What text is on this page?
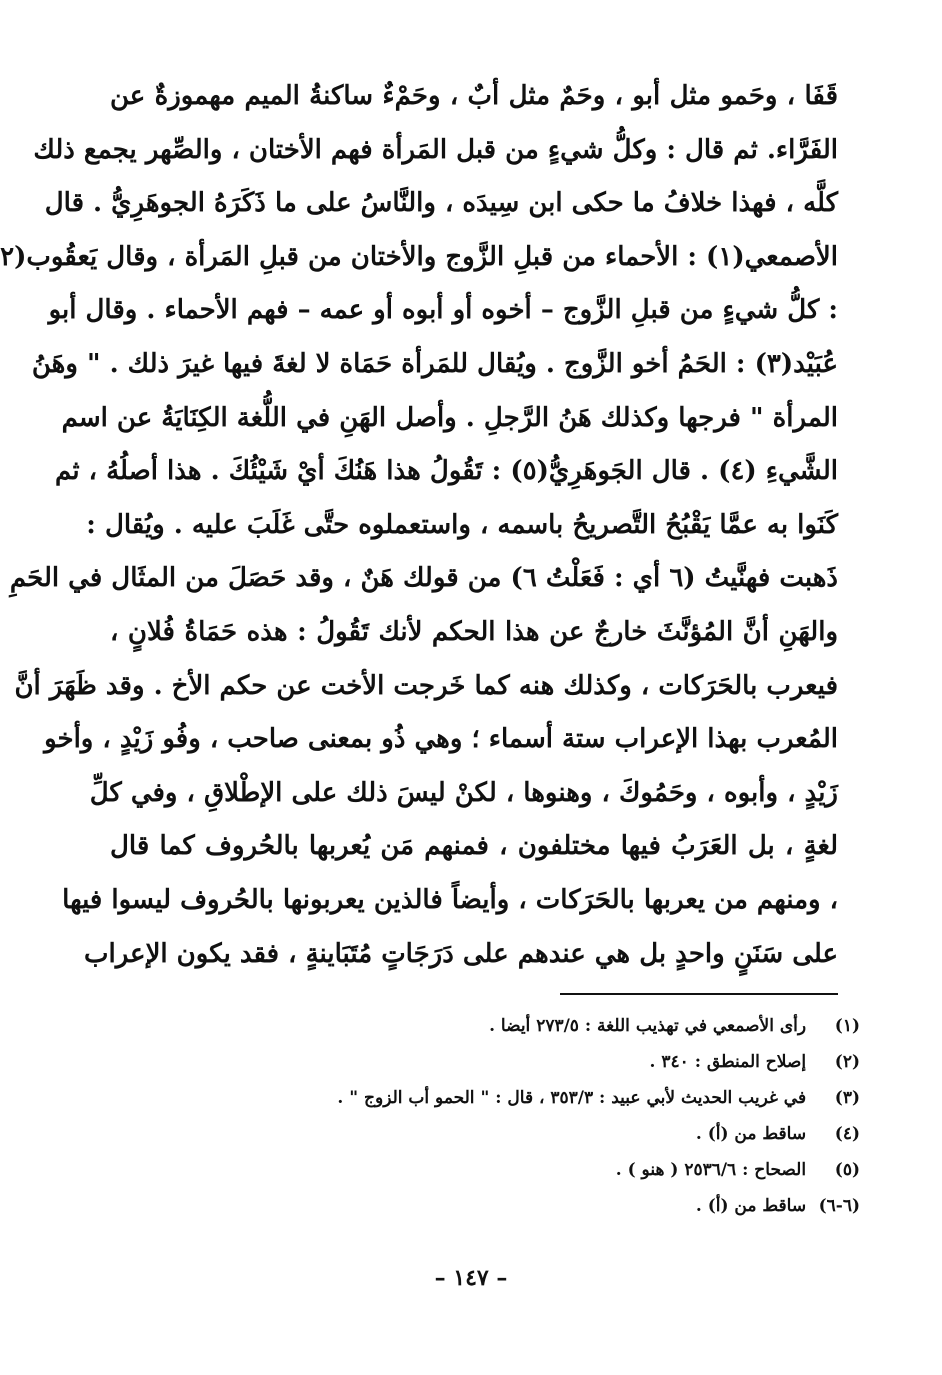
قَفَا ، وحَمو مثل أبو ، وحَمٌ مثل أبٌ ، وحَمْءٌ ساكنةُ الميم مهموزةٌ عن
الفَرَّاء. ثم قال : وكلُّ شيءٍ من قبل المَرأة فهم الأختان ، والصِّهر يجمع ذلك
كلَّه ، فهذا خلافُ ما حكى ابن سِيدَه ، والنَّاسُ على ما ذَكَرَهُ الجوهَرِيُّ . قال
الأصمعي(١) : الأحماء من قبلِ الزَّوج والأختان من قبلِ المَرأة ، وقال يَعقُوب(٢
: كلُّ شيءٍ من قبلِ الزَّوج – أخوه أو أبوه أو عمه – فهم الأحماء . وقال أبو
عُبَيْد(٣) : الحَمُ أخو الزَّوج . ويُقال للمَرأة حَمَاة لا لغةَ فيها غيرَ ذلك . " وهَنُ
المرأة " فرجها وكذلك هَنُ الرَّجلِ . وأصل الهَنِ في اللُّغة الكِنَايَةُ عن اسم
الشَّيءِ (٤) . قال الجَوهَرِيُّ(٥) : تَقُولُ هذا هَنُكَ أيْ شَيْئُكَ . هذا أصلُهُ ، ثم
كَنَوا به عمَّا يَقْبُحُ التَّصريحُ باسمه ، واستعملوه حتَّى غَلَبَ عليه . ويُقال :
ذَهبت فهنَّيتُ (٦ أي : فَعَلْتُ ٦) من قولك هَنٌ ، وقد حَصَلَ من المثَال في الحَمِ
والهَنِ أنَّ المُؤنَّثَ خارجٌ عن هذا الحكم لأنك تَقُولُ : هذه حَمَاةُ فُلانٍ ،
فيعرب بالحَرَكات ، وكذلك هنه كما خَرجت الأخت عن حكم الأخ . وقد ظَهَرَ أنَّ
المُعرب بهذا الإعراب ستة أسماء ؛ وهي ذُو بمعنى صاحب ، وفُو زَيْدٍ ، وأخو
زَيْدٍ ، وأبوه ، وحَمُوكَ ، وهنوها ، لكنْ ليسَ ذلك على الإطْلاقِ ، وفي كلِّ
لغةٍ ، بل العَرَبُ فيها مختلفون ، فمنهم مَن يُعربها بالحُروف كما قال
، ومنهم من يعربها بالحَرَكات ، وأيضاً فالذين يعربونها بالحُروف ليسوا فيها
على سَنَنٍ واحدٍ بل هي عندهم على دَرَجَاتٍ مُتَبَاينةٍ ، فقد يكون الإعراب
(١) رأى الأصمعي في تهذيب اللغة : ٢٧٣/٥ أيضا .
(٢) إصلاح المنطق : ٣٤٠ .
(٣) في غريب الحديث لأبي عبيد : ٣٥٣/٣ ، قال : " الحمو أب الزوج " .
(٤) ساقط من (أ) .
(٥) الصحاح : ٢٥٣٦/٦ ( هنو ) .
(٦-٦) ساقط من (أ) .
– ١٤٧ –
